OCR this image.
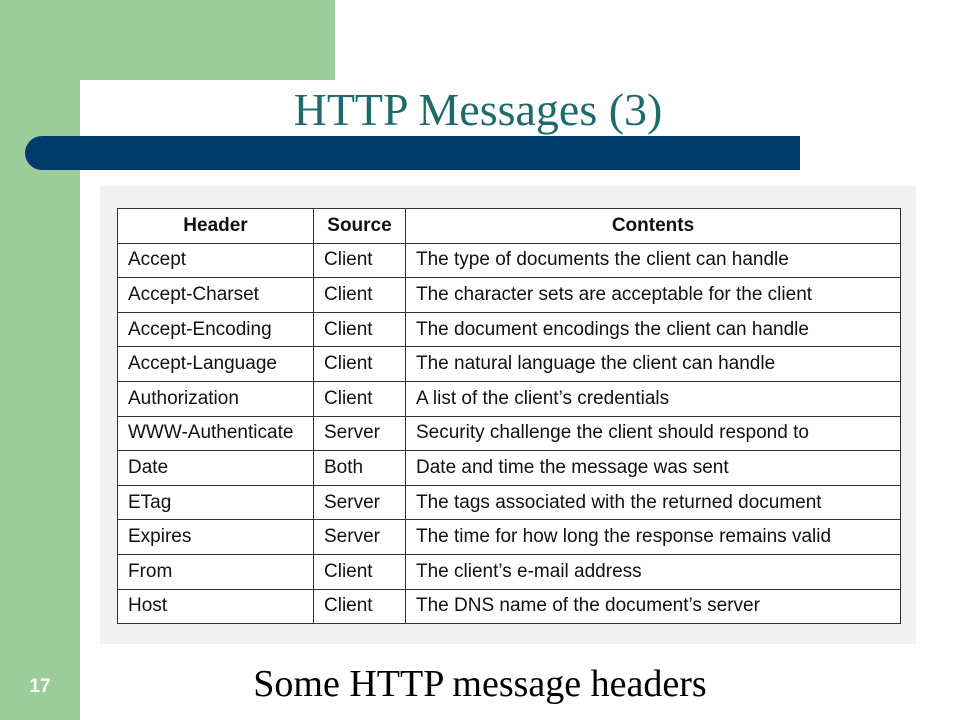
HTTP Messages (3)
Header	Source	Contents
Accept	Client	The type of documents the client can handle
Accept-Charset	Client	The character sets are acceptable for the client
Accept-Encoding	Client	The document encodings the client can handle
Accept-Language	Client	The natural language the client can handle
Authorization	Client	A list of the client’s credentials
WWW-Authenticate	Server	Security challenge the client should respond to
Date	Both	Date and time the message was sent
ETag	Server	The tags associated with the returned document
Expires	Server	The time for how long the response remains valid
From	Client	The client’s e-mail address
Host	Client	The DNS name of the document’s server
Some HTTP message headers
17
